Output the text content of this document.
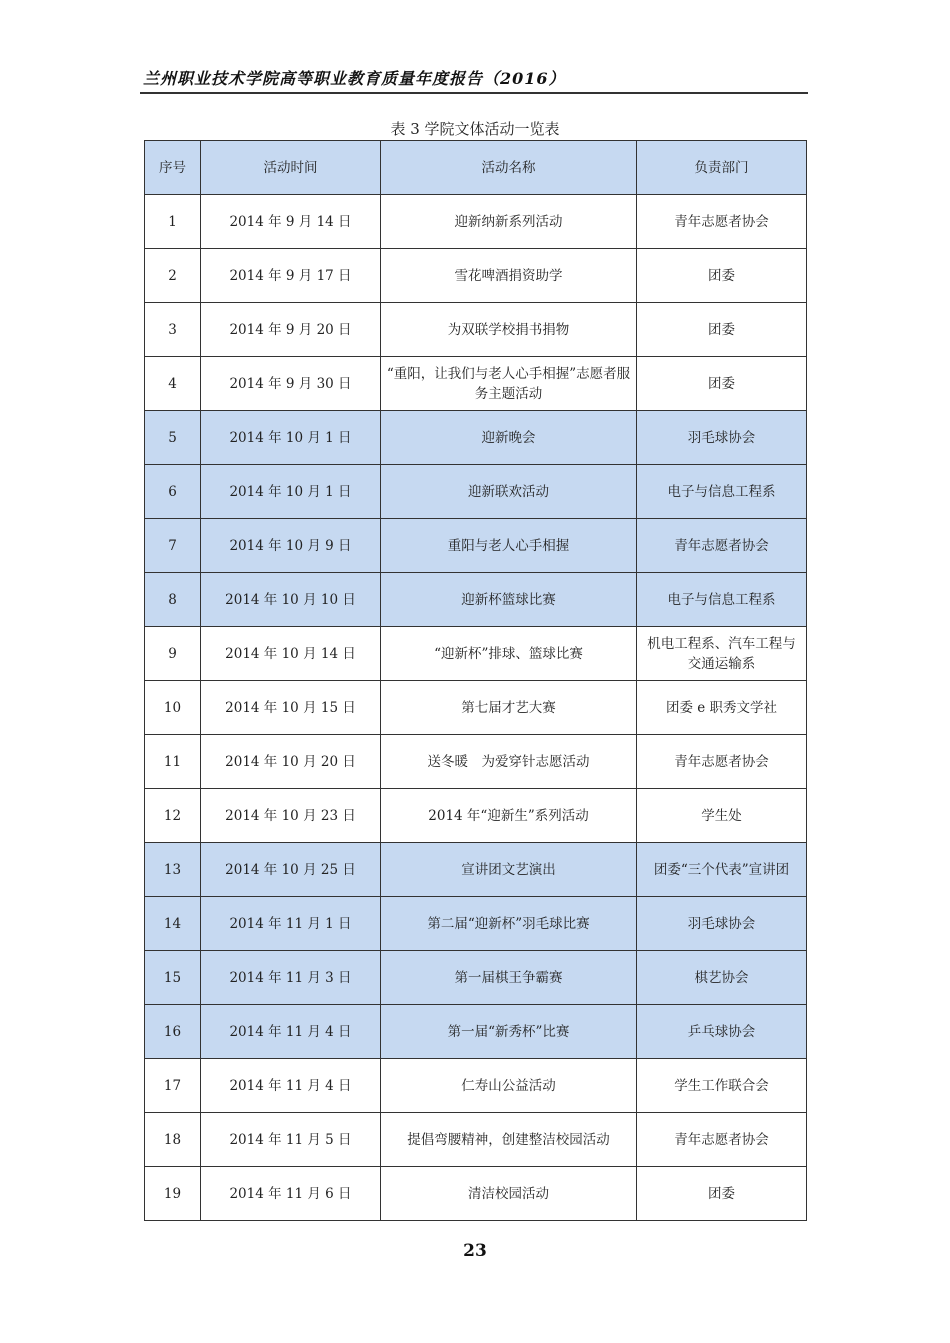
兰州职业技术学院高等职业教育质量年度报告（2016）
表 3 学院文体活动一览表
序号	活动时间	活动名称	负责部门
1	2014 年 9 月 14 日	迎新纳新系列活动	青年志愿者协会
2	2014 年 9 月 17 日	雪花啤酒捐资助学	团委
3	2014 年 9 月 20 日	为双联学校捐书捐物	团委
4	2014 年 9 月 30 日	“重阳，让我们与老人心手相握”志愿者服务主题活动	团委
5	2014 年 10 月 1 日	迎新晚会	羽毛球协会
6	2014 年 10 月 1 日	迎新联欢活动	电子与信息工程系
7	2014 年 10 月 9 日	重阳与老人心手相握	青年志愿者协会
8	2014 年 10 月 10 日	迎新杯篮球比赛	电子与信息工程系
9	2014 年 10 月 14 日	“迎新杯”排球、篮球比赛	机电工程系、汽车工程与交通运输系
10	2014 年 10 月 15 日	第七届才艺大赛	团委 e 职秀文学社
11	2014 年 10 月 20 日	送冬暖　为爱穿针志愿活动	青年志愿者协会
12	2014 年 10 月 23 日	2014 年“迎新生”系列活动	学生处
13	2014 年 10 月 25 日	宣讲团文艺演出	团委“三个代表”宣讲团
14	2014 年 11 月 1 日	第二届“迎新杯”羽毛球比赛	羽毛球协会
15	2014 年 11 月 3 日	第一届棋王争霸赛	棋艺协会
16	2014 年 11 月 4 日	第一届“新秀杯”比赛	乒乓球协会
17	2014 年 11 月 4 日	仁寿山公益活动	学生工作联合会
18	2014 年 11 月 5 日	提倡弯腰精神，创建整洁校园活动	青年志愿者协会
19	2014 年 11 月 6 日	清洁校园活动	团委
23
